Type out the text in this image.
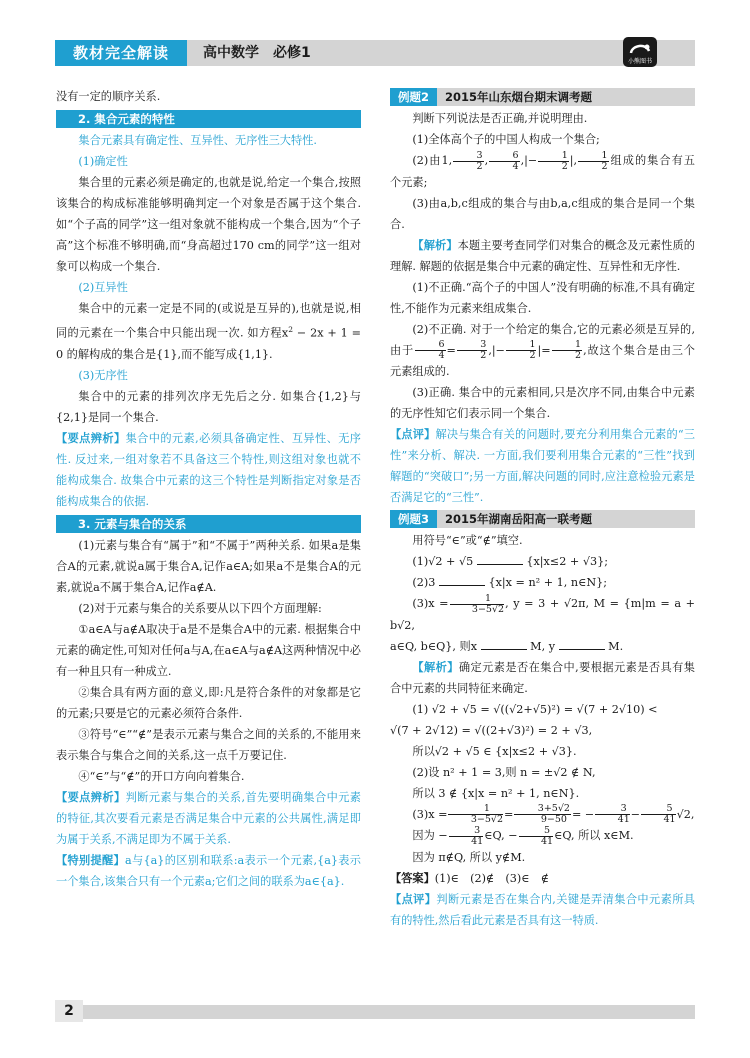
教材完全解读	高中数学　必修1
小熊图书

没有一定的顺序关系.

2. 集合元素的特性

集合元素具有确定性、互异性、无序性三大特性.

(1)确定性

集合里的元素必须是确定的,也就是说,给定一个集合,按照该集合的构成标准能够明确判定一个对象是否属于这个集合. 如“个子高的同学”这一组对象就不能构成一个集合,因为“个子高”这个标准不够明确,而“身高超过170 cm的同学”这一组对象可以构成一个集合.

(2)互异性

集合中的元素一定是不同的(或说是互异的),也就是说,相同的元素在一个集合中只能出现一次. 如方程$x^2 - 2x + 1 = 0$ 的解构成的集合是{1},而不能写成{1,1}.

(3)无序性

集合中的元素的排列次序无先后之分. 如集合{1,2}与{2,1}是同一个集合.

【要点辨析】集合中的元素,必须具备确定性、互异性、无序性. 反过来,一组对象若不具备这三个特性,则这组对象也就不能构成集合. 故集合中元素的这三个特性是判断指定对象是否能构成集合的依据.

3. 元素与集合的关系

(1)元素与集合有“属于”和“不属于”两种关系. 如果a是集合A的元素,就说a属于集合A,记作a∈A;如果a不是集合A的元素,就说a不属于集合A,记作a∉A.

(2)对于元素与集合的关系要从以下四个方面理解:

①a∈A与a∉A取决于a是不是集合A中的元素. 根据集合中元素的确定性,可知对任何a与A,在a∈A与a∉A这两种情况中必有一种且只有一种成立.

②集合具有两方面的意义,即:凡是符合条件的对象都是它的元素;只要是它的元素必须符合条件.

③符号“∈”“∉”是表示元素与集合之间的关系的,不能用来表示集合与集合之间的关系,这一点千万要记住.

④“∈”与“∉”的开口方向向着集合.

【要点辨析】判断元素与集合的关系,首先要明确集合中元素的特征,其次要看元素是否满足集合中元素的公共属性,满足即为属于关系,不满足即为不属于关系.

【特别提醒】a与{a}的区别和联系:a表示一个元素,{a}表示一个集合,该集合只有一个元素a;它们之间的联系为a∈{a}.

例题2 2015年山东烟台期末调考题

判断下列说法是否正确,并说明理由.

(1)全体高个子的中国人构成一个集合;

(2)由1, $\frac{3}{2}$ , $\frac{6}{4}$ ,|− $\frac{1}{2}$ |, $\frac{1}{2}$ 组成的集合有五个元素;

(3)由a,b,c组成的集合与由b,a,c组成的集合是同一个集合.

【解析】本题主要考查同学们对集合的概念及元素性质的理解. 解题的依据是集合中元素的确定性、互异性和无序性.

(1)不正确.“高个子的中国人”没有明确的标准,不具有确定性,不能作为元素来组成集合.

(2)不正确. 对于一个给定的集合,它的元素必须是互异的,由于 $\frac{6}{4} = \frac{3}{2}$ ,|− $\frac{1}{2}$ |= $\frac{1}{2}$ ,故这个集合是由三个元素组成的.

(3)正确. 集合中的元素相同,只是次序不同,由集合中元素的无序性知它们表示同一个集合.

【点评】解决与集合有关的问题时,要充分利用集合元素的“三性”来分析、解决. 一方面,我们要利用集合元素的“三性”找到解题的“突破口”;另一方面,解决问题的同时,应注意检验元素是否满足它的“三性”.

例题3 2015年湖南岳阳高一联考题

用符号“∈”或“∉”填空.

(1)√2 + √5	{x|x≤2 + √3};

(2)3	{x|x = n² + 1, n∈N};

$(3)x = \frac{1}{3-5√2}$ , y = 3 + √2π, M = {m|m = a + b√2,

a∈Q, b∈Q}, 则x	M, y	M.

【解析】确定元素是否在集合中,要根据元素是否具有集合中元素的共同特征来确定.

(1) √2 + √5 = √((√2+√5)²) = √(7 + 2√10) <

√(7 + 2√12) = √((2+√3)²) = 2 + √3,

所以√2 + √5 ∈ {x|x≤2 + √3}.

(2)设 n² + 1 = 3,则 n = ±√2 ∉ N,

所以 3 ∉ {x|x = n² + 1, n∈N}.

$(3)x = \frac{1}{3-5√2} = \frac{3+5√2}{9-50}$ = − $\frac{3}{41} - \frac{5}{41} √2$,

因为 − $\frac{3}{41}$ ∈Q, − $\frac{5}{41}$ ∈Q, 所以 x∈M.

因为 π∉Q, 所以 y∉M.

【答案】(1)∈　(2)∉　(3)∈　∉

【点评】判断元素是否在集合内,关键是弄清集合中元素所具有的特性,然后看此元素是否具有这一特质.

2
